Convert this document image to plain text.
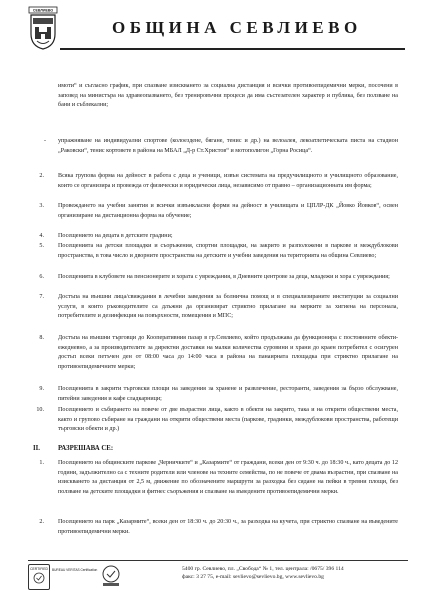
СЕВЛИЕВО
ОБЩИНА СЕВЛИЕВО
имоти“ и съгласно график, при спазване изискването за социална дистанция и всички противоепидемични мерки, посочени в заповед на министъра на здравеопазването, без тренировъчни процеси да има състезателен характер и публика, без ползване на бани и съблекални;
- упражняване на индивидуални спортове (колоездене, бягане, тенис и др.) на велоалея, лекоатлетическата писта на стадион „Раковски“, тенис кортовете в района на МБАЛ „Д-р Ст.Христов“ и мотополигон „Горна Росица“.
2. Всяка групова форма на дейност в работа с деца и ученици, извън системата на предучилищното и училищното образование, които се организира и провежда от физически и юридически лица, независимо от правно – организационната им форма;
3. Провеждането на учебни занятия и всички извънкласни форми на дейност в училищата и ЦПЛР-ДК „Йовко Йовков“, освен организиране на дистанционна форма на обучение;
4. Посещението на децата в детските градини;
5. Посещенията на детски площадки и съоръжения, спортни площадки, на закрито и разположени в паркове и междублокови пространства, в това число и дворните пространства на детските и учебни заведения на територията на община Севлиево;
6. Посещенията в клубовете на пенсионерите и хората с увреждания, в Дневните центрове за деца, младежи и хора с увреждания;
7. Достъпа на външни лица/свиждания в лечебни заведения за болнична помощ и в специализираните институции за социални услуги, в които ръководителите са длъжни да организират стриктно прилагане на мерките за хигиена на персонала, потребителите и дезинфекция на повърхности, помещения и МПС;
8. Достъпа на външни търговци до Кооперативния пазар в гр.Севлиево, който продължава да функционира с постоянните обекти- ежедневно, а за производителите за директни доставки на малки количества суровини и храни до краен потребител с осигурен достъп всеки петъчен ден от 08:00 часа до 14:00 часа в района на панаирната площадка при стриктно прилагане на противоепидемичните мерки;
9. Посещенията в закрити търговски площи на заведения за хранене и развлечение, ресторанти, заведения за бързо обслужване, питейни заведения и кафе сладкарници;
10. Посещението и събирането на повече от две възрастни лица, както в обекти на закрито, така и на открити обществени места, както и групово събиране на граждани на открити обществени места (паркове, градинки, междублокови пространства, работещи търговски обекти и др.)
II.	РАЗРЕШАВА СЕ:
1. Посещението на общинските паркове „Черничките“ и „Казармите“ от граждани, всеки ден от 9:30 ч. до 18:30 ч., като децата до 12 години, задължително са с техните родители или членове на техните семейства, по не повече от двама възрастни, при спазване на изискването за дистанция от 2,5 м, движение по обозначените маршрути за разходка без сядане на пейки в тревни площи, без ползване на детските площадки и фитнес съоръжения и спазване на въведените противоепидемични мерки.
2. Посещението на парк „Казармите“, всеки ден от 18:30 ч. до 20:30 ч., за разходка на кучета, при стриктно спазване на въведените противоепидемични мерки.
CERTIFIED	BUREAU VERITAS Certification	5400 гр. Севлиево, пл. „Свобода“ № 1, тел. централа: /0675/ 396 114
факс: 3 27 75, e-mail: sevlievo@sevlievo.bg, www.sevlievo.bg
